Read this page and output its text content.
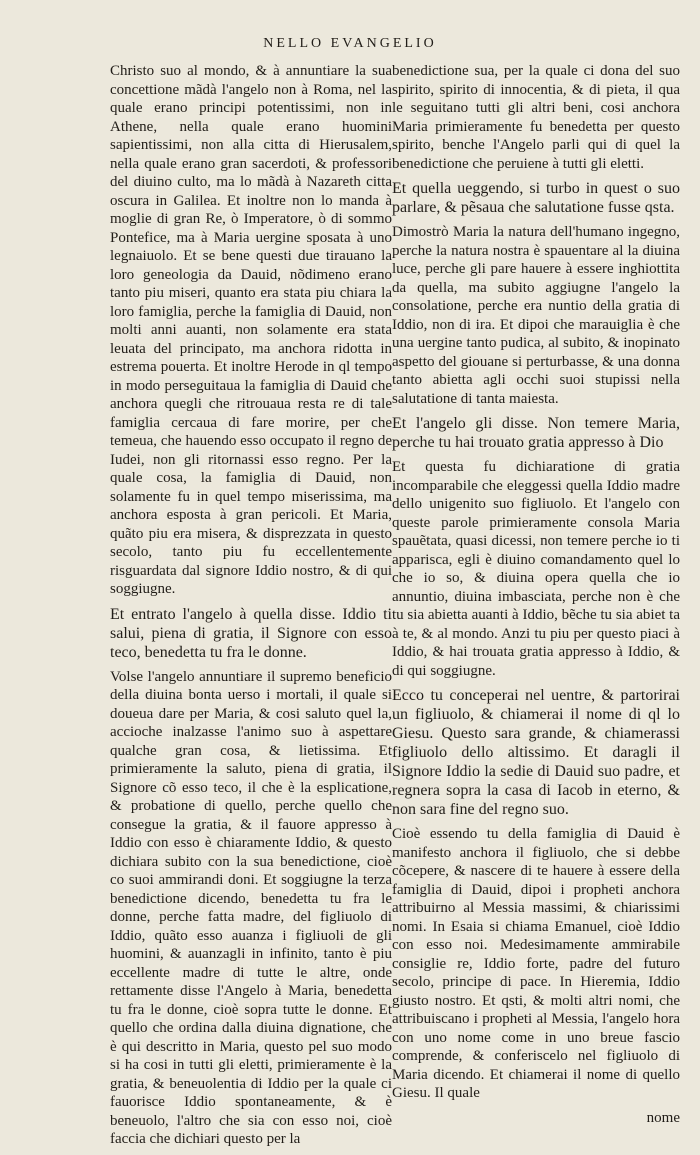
NELLO EVANGELIO

Christo suo al mondo, & à annuntiare la sua concettione mãdà l'angelo non à Roma, nel la quale erano principi potentissimi, non in Athene, nella quale erano huomini sapientissimi, non alla citta di Hierusalem, nella quale erano gran sacerdoti, & professori del diuino culto, ma lo mãdà à Nazareth citta oscura in Galilea. Et inoltre non lo manda à moglie di gran Re, ò Imperatore, ò di sommo Pontefice, ma à Maria uergine sposata à uno legnaiuolo. Et se bene questi due tirauano la loro geneologia da Dauid, nõdimeno erano tanto piu miseri, quanto era stata piu chiara la loro famiglia, perche la famiglia di Dauid, non molti anni auanti, non solamente era stata leuata del principato, ma anchora ridotta in estrema pouerta. Et inoltre Herode in ql tempo in modo perseguitaua la famiglia di Dauid che anchora quegli che ritrouaua resta re di tale famiglia cercaua di fare morire, per che temeua, che hauendo esso occupato il regno de Iudei, non gli ritornassi esso regno. Per la quale cosa, la famiglia di Dauid, non solamente fu in quel tempo miserissima, ma anchora esposta à gran pericoli. Et Maria, quãto piu era misera, & disprezzata in questo secolo, tanto piu fu eccellentemente risguardata dal signore Iddio nostro, & di qui soggiugne.

Et entrato l'angelo à quella disse. Iddio ti salui, piena di gratia, il Signore con esso teco, benedetta tu fra le donne.

Volse l'angelo annuntiare il supremo beneficio della diuina bonta uerso i mortali, il quale si doueua dare per Maria, & cosi saluto quel la, accioche inalzasse l'animo suo à aspettare qualche gran cosa, & lietissima. Et primieramente la saluto, piena di gratia, il Signore cõ esso teco, il che è la esplicatione, & probatione di quello, perche quello che consegue la gratia, & il fauore appresso à Iddio con esso è chiaramente Iddio, & questo dichiara subito con la sua benedictione, cioè co suoi ammirandi doni. Et soggiugne la terza benedictione dicendo, benedetta tu fra le donne, perche fatta madre, del figliuolo di Iddio, quãto esso auanza i figliuoli de gli huomini, & auanzagli in infinito, tanto è piu eccellente madre di tutte le altre, onde rettamente disse l'Angelo à Maria, benedetta tu fra le donne, cioè sopra tutte le donne. Et quello che ordina dalla diuina dignatione, che è qui descritto in Maria, questo pel suo modo si ha cosi in tutti gli eletti, primieramente è la gratia, & beneuolentia di Iddio per la quale ci fauorisce Iddio spontaneamente, & è beneuolo, l'altro che sia con esso noi, cioè faccia che dichiari questo per la

benedictione sua, per la quale ci dona del suo spirito, spirito di innocentia, & di pieta, il qua le seguitano tutti gli altri beni, cosi anchora Maria primieramente fu benedetta per questo spirito, benche l'Angelo parli qui di quel la benedictione che peruiene à tutti gli eletti.

Et quella ueggendo, si turbo in quest o suo parlare, & pẽsaua che salutatione fusse qsta.

Dimostrò Maria la natura dell'humano ingegno, perche la natura nostra è spauentare al la diuina luce, perche gli pare hauere à essere inghiottita da quella, ma subito aggiugne l'angelo la consolatione, perche era nuntio della gratia di Iddio, non di ira. Et dipoi che marauiglia è che una uergine tanto pudica, al subito, & inopinato aspetto del giouane si perturbasse, & una donna tanto abietta agli occhi suoi stupissi nella salutatione di tanta maiesta.

Et l'angelo gli disse. Non temere Maria, perche tu hai trouato gratia appresso à Dio

Et questa fu dichiaratione di gratia incomparabile che eleggessi quella Iddio madre dello unigenito suo figliuolo. Et l'angelo con queste parole primieramente consola Maria spauẽtata, quasi dicessi, non temere perche io ti apparisca, egli è diuino comandamento quel lo che io so, & diuina opera quella che io annuntio, diuina imbasciata, perche non è che tu sia abietta auanti à Iddio, bẽche tu sia abiet ta à te, & al mondo. Anzi tu piu per questo piaci à Iddio, & hai trouata gratia appresso à Iddio, & di qui soggiugne.

Ecco tu conceperai nel uentre, & partorirai un figliuolo, & chiamerai il nome di ql lo Giesu. Questo sara grande, & chiamerassi figliuolo dello altissimo. Et daragli il Signore Iddio la sedie di Dauid suo padre, et regnera sopra la casa di Iacob in eterno, & non sara fine del regno suo.

Cioè essendo tu della famiglia di Dauid è manifesto anchora il figliuolo, che si debbe cõcepere, & nascere di te hauere à essere della famiglia di Dauid, dipoi i propheti anchora attribuirno al Messia massimi, & chiarissimi nomi. In Esaia si chiama Emanuel, cioè Iddio con esso noi. Medesimamente ammirabile consiglie re, Iddio forte, padre del futuro secolo, principe di pace. In Hieremia, Iddio giusto nostro. Et qsti, & molti altri nomi, che attribuiscano i propheti al Messia, l'angelo hora con uno nome come in uno breue fascio comprende, & conferiscelo nel figliuolo di Maria dicendo. Et chiamerai il nome di quello Giesu. Il quale

nome
